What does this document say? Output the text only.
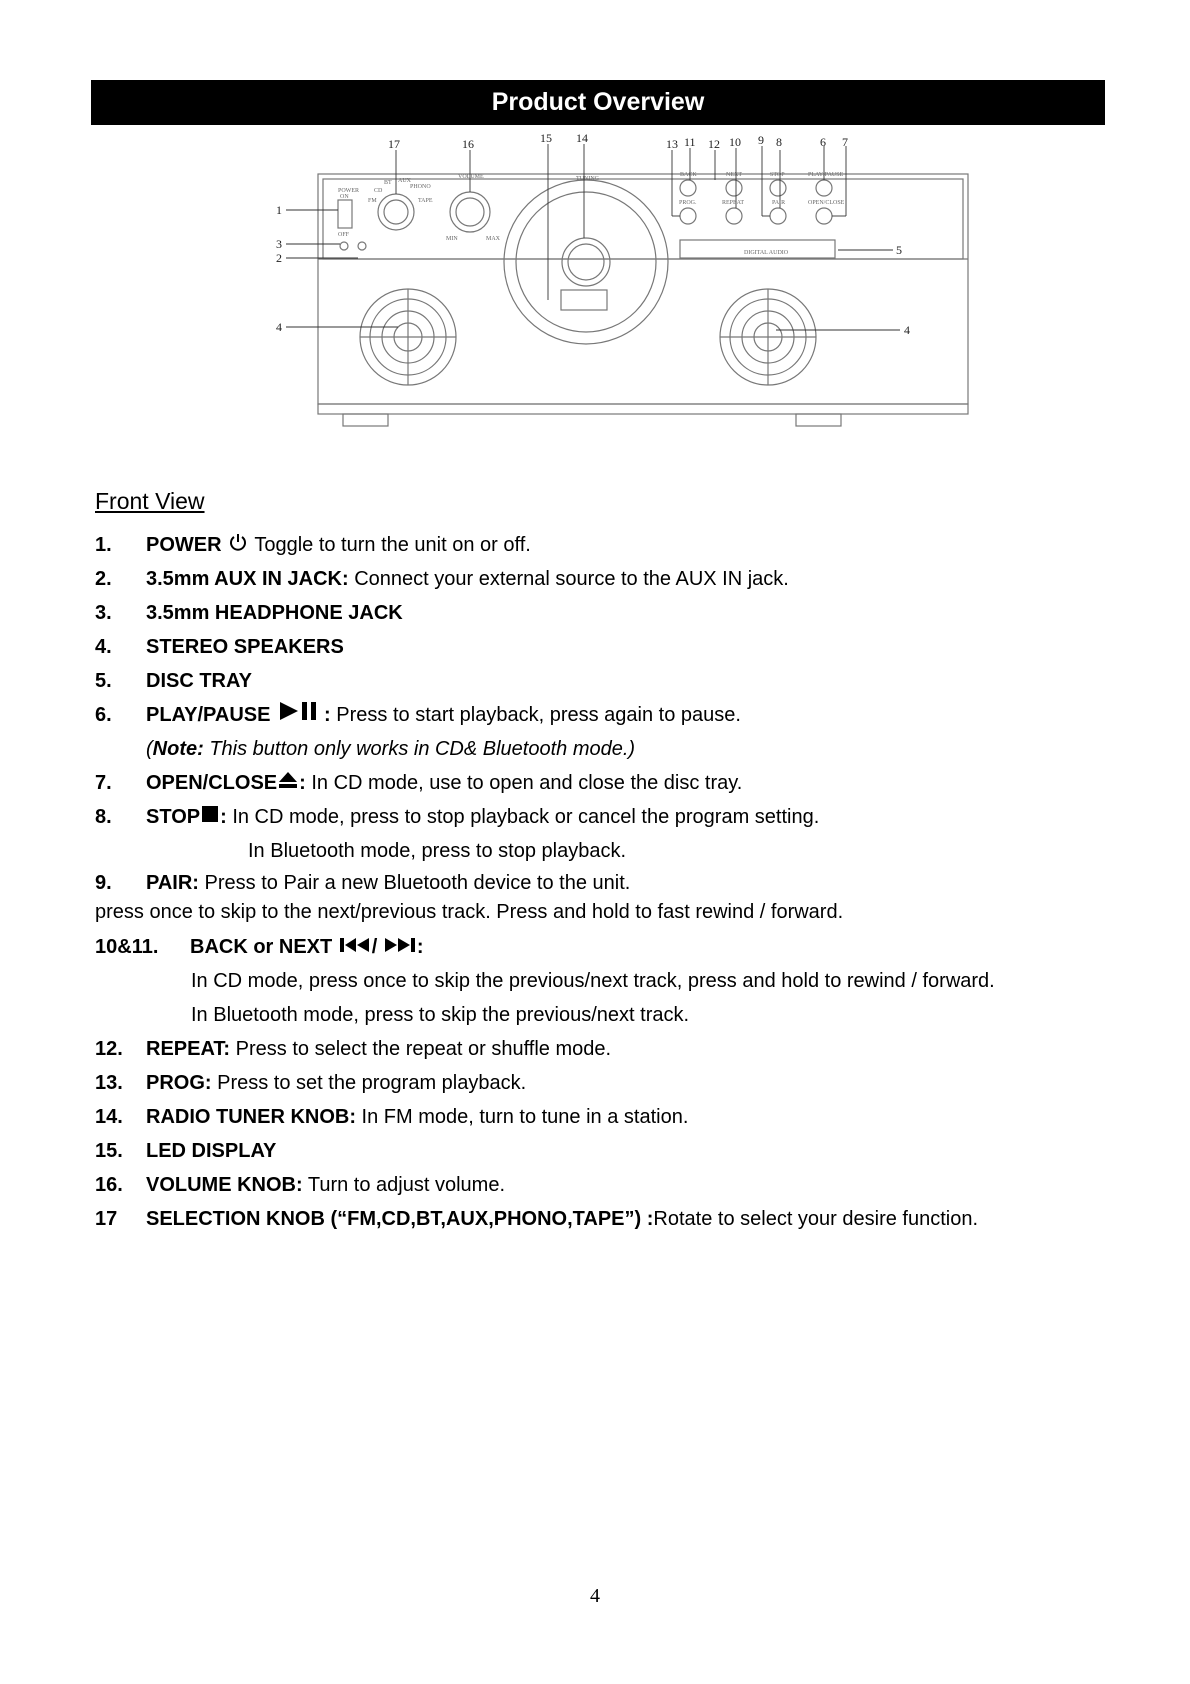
Product Overview
POWER
ON
OFF
FM
CD
BT AUX
PHONO
TAPE
VOLUME
MIN	MAX
TUNING
BACK	NEXT	STOP	PLAY/PAUSE
PROG.	REPEAT	PAIR	OPEN/CLOSE
DIGITAL AUDIO
17	16	15 14	13 11 12 10 9 8	6 7
1
3
2
5
4	4
Front View
1. POWER Toggle to turn the unit on or off.
2. 3.5mm AUX IN JACK: Connect your external source to the AUX IN jack.
3. 3.5mm HEADPHONE JACK
4. STEREO SPEAKERS
5. DISC TRAY
6. PLAY/PAUSE	: Press to start playback, press again to pause.
(Note: This button only works in CD& Bluetooth mode.)
7. OPEN/CLOSE : In CD mode, use to open and close the disc tray.
8. STOP : In CD mode, press to stop playback or cancel the program setting.
In Bluetooth mode, press to stop playback.
9. PAIR: Press to Pair a new Bluetooth device to the unit.
press once to skip to the next/previous track. Press and hold to fast rewind / forward.
10&11. BACK or NEXT / :
In CD mode, press once to skip the previous/next track, press and hold to rewind / forward.
In Bluetooth mode, press to skip the previous/next track.
12. REPEAT: Press to select the repeat or shuffle mode.
13. PROG: Press to set the program playback.
14. RADIO TUNER KNOB: In FM mode, turn to tune in a station.
15. LED DISPLAY
16. VOLUME KNOB: Turn to adjust volume.
17 SELECTION KNOB (“FM,CD,BT,AUX,PHONO,TAPE”) :Rotate to select your desire function.
4
